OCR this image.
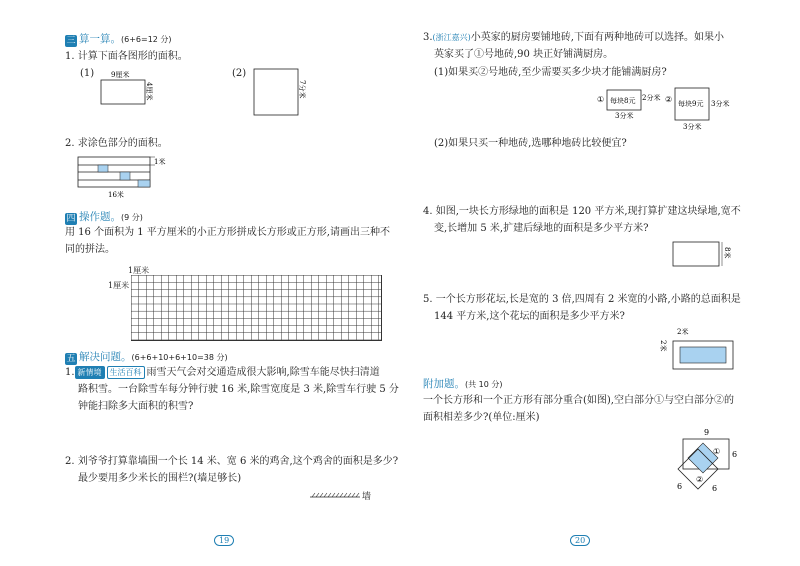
三 算一算。(6+6=12 分)
1. 计算下面各图形的面积。
(1)	(2)
9厘米
4厘米	7分米
2. 求涂色部分的面积。
1米
16米
四 操作题。(9 分)
用 16 个面积为 1 平方厘米的小正方形拼成长方形或正方形,请画出三种不
同的拼法。
1厘米
1厘米
五 解决问题。(6+6+10+6+10=38 分)
1. 新情境 生活百科 雨雪天气会对交通造成很大影响,除雪车能尽快扫清道
路积雪。一台除雪车每分钟行驶 16 米,除雪宽度是 3 米,除雪车行驶 5 分
钟能扫除多大面积的积雪?
2. 刘爷爷打算靠墙围一个长 14 米、宽 6 米的鸡舍,这个鸡舍的面积是多少?
最少要用多少米长的围栏?(墙足够长)
墙
19
3.(浙江嘉兴)小英家的厨房要铺地砖,下面有两种地砖可以选择。如果小
英家买了①号地砖,90 块正好铺满厨房。
(1)如果买②号地砖,至少需要买多少块才能铺满厨房?
① 每块8元 2分米
3分米
② 每块9元 3分米
3分米
(2)如果只买一种地砖,选哪种地砖比较便宜?
4. 如图,一块长方形绿地的面积是 120 平方米,现打算扩建这块绿地,宽不
变,长增加 5 米,扩建后绿地的面积是多少平方米?
8米
5. 一个长方形花坛,长是宽的 3 倍,四周有 2 米宽的小路,小路的总面积是
144 平方米,这个花坛的面积是多少平方米?
2米
2米
附加题。(共 10 分)
一个长方形和一个正方形有部分重合(如图),空白部分①与空白部分②的
面积相差多少?(单位:厘米)
9
①
②
6
6	6
20
